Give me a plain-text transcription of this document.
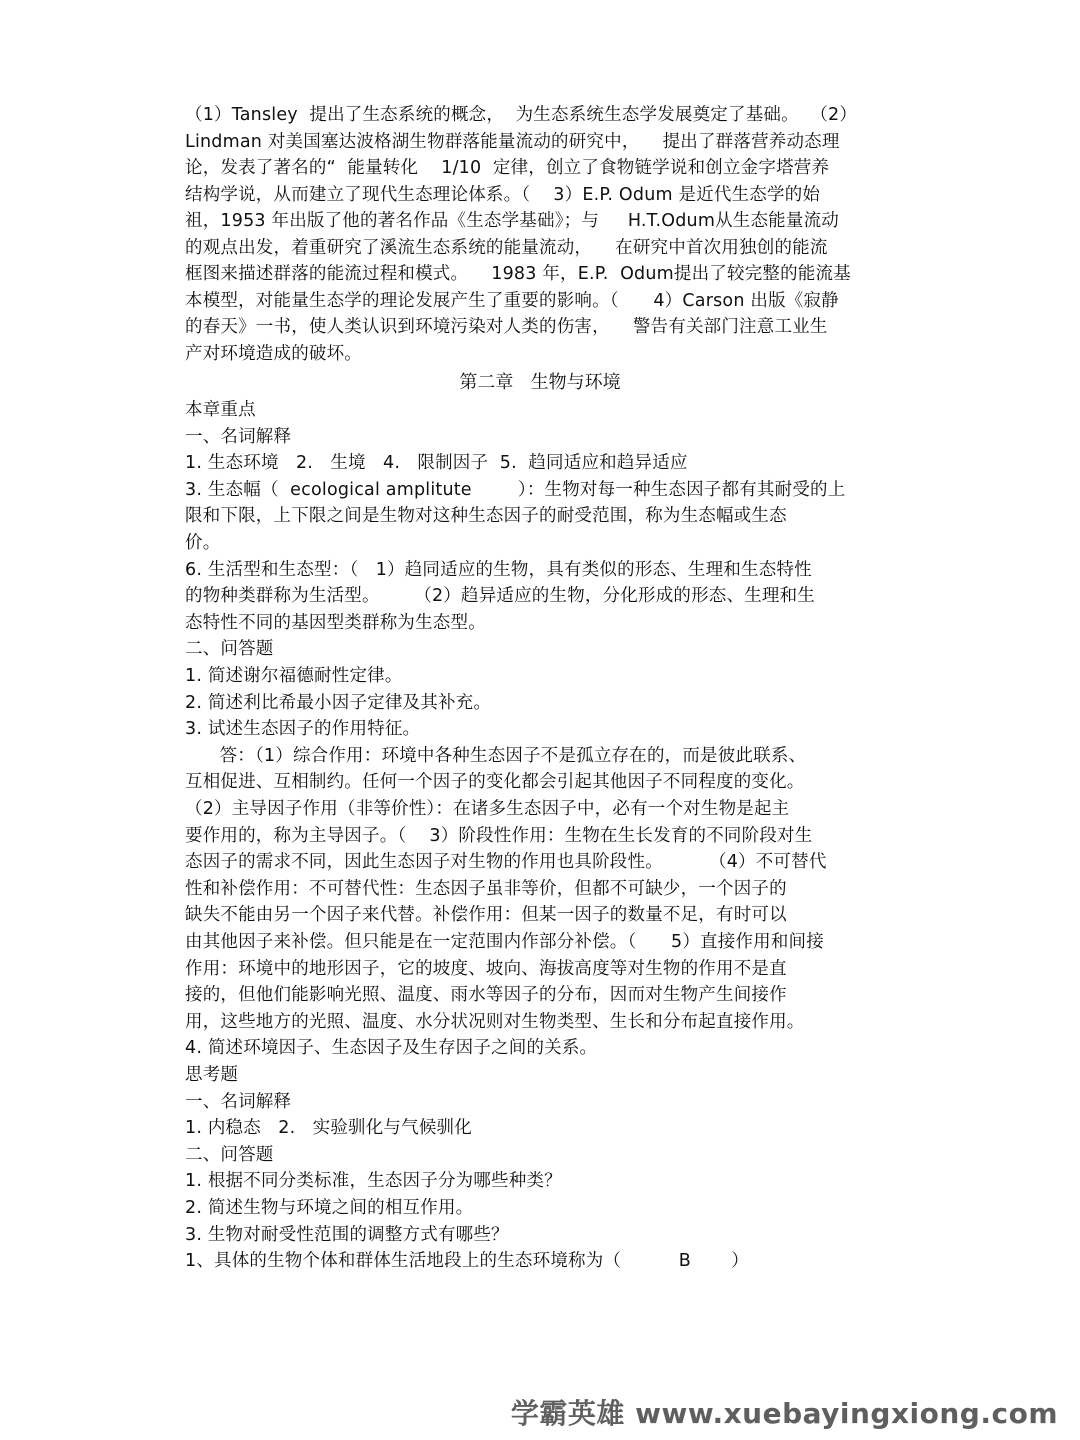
（1）Tansley  提出了生态系统的概念，  为生态系统生态学发展奠定了基础。  （2）
Lindman 对美国塞达波格湖生物群落能量流动的研究中，    提出了群落营养动态理
论，发表了著名的“  能量转化    1/10  定律，创立了食物链学说和创立金字塔营养
结构学说，从而建立了现代生态理论体系。（    3）E.P. Odum 是近代生态学的始
祖，1953 年出版了他的著名作品《生态学基础》；与     H.T.Odum从生态能量流动
的观点出发，着重研究了溪流生态系统的能量流动，    在研究中首次用独创的能流
框图来描述群落的能流过程和模式。    1983 年，E.P.  Odum提出了较完整的能流基
本模型，对能量生态学的理论发展产生了重要的影响。（      4）Carson 出版《寂静
的春天》一书，使人类认识到环境污染对人类的伤害，    警告有关部门注意工业生
产对环境造成的破坏。
第二章   生物与环境
本章重点
一、名词解释
1. 生态环境   2.   生境   4.   限制因子  5.  趋同适应和趋异适应
3. 生态幅（  ecological amplitute        ）：生物对每一种生态因子都有其耐受的上
限和下限，上下限之间是生物对这种生态因子的耐受范围，称为生态幅或生态
价。
6. 生活型和生态型：（   1）趋同适应的生物，具有类似的形态、生理和生态特性
的物种类群称为生活型。      （2）趋异适应的生物，分化形成的形态、生理和生
态特性不同的基因型类群称为生态型。
二、问答题
1. 简述谢尔福德耐性定律。
2. 简述利比希最小因子定律及其补充。
3. 试述生态因子的作用特征。
答：（1）综合作用：环境中各种生态因子不是孤立存在的，而是彼此联系、
互相促进、互相制约。任何一个因子的变化都会引起其他因子不同程度的变化。
（2）主导因子作用（非等价性）：在诸多生态因子中，必有一个对生物是起主
要作用的，称为主导因子。（    3）阶段性作用：生物在生长发育的不同阶段对生
态因子的需求不同，因此生态因子对生物的作用也具阶段性。        （4）不可替代
性和补偿作用：不可替代性：生态因子虽非等价，但都不可缺少，一个因子的
缺失不能由另一个因子来代替。补偿作用：但某一因子的数量不足，有时可以
由其他因子来补偿。但只能是在一定范围内作部分补偿。（      5）直接作用和间接
作用：环境中的地形因子，它的坡度、坡向、海拔高度等对生物的作用不是直
接的，但他们能影响光照、温度、雨水等因子的分布，因而对生物产生间接作
用，这些地方的光照、温度、水分状况则对生物类型、生长和分布起直接作用。
4. 简述环境因子、生态因子及生存因子之间的关系。
思考题
一、名词解释
1. 内稳态   2.   实验驯化与气候驯化
二、问答题
1. 根据不同分类标准，生态因子分为哪些种类？
2. 简述生物与环境之间的相互作用。
3. 生物对耐受性范围的调整方式有哪些？
1、具体的生物个体和群体生活地段上的生态环境称为（          B       ）
学霸英雄 www.xuebayingxiong.com
